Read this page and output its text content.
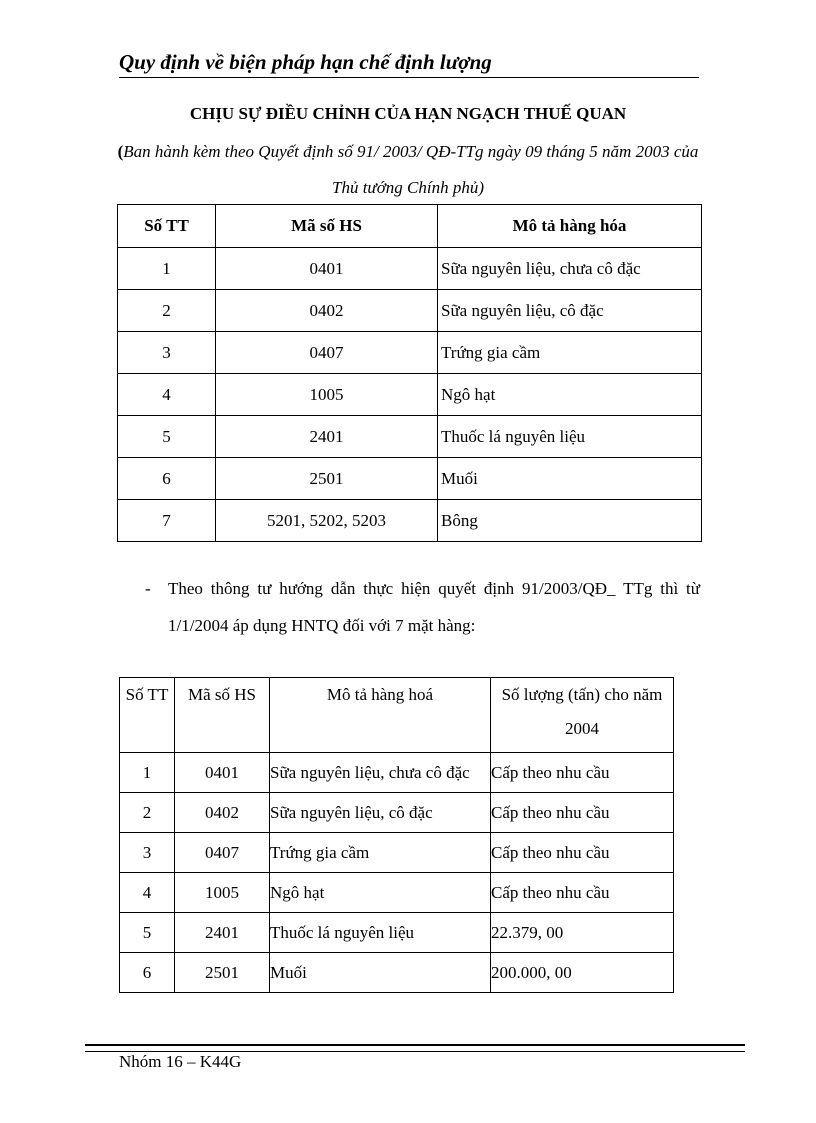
Quy định về biện pháp hạn chế định lượng
CHỊU SỰ ĐIỀU CHỈNH CỦA HẠN NGẠCH THUẾ QUAN
(Ban hành kèm theo Quyết định số 91/ 2003/ QĐ-TTg ngày 09 tháng 5 năm 2003 của Thủ tướng Chính phủ)
Số TT	Mã số HS	Mô tả hàng hóa
1	0401	Sữa nguyên liệu, chưa cô đặc
2	0402	Sữa nguyên liệu, cô đặc
3	0407	Trứng gia cầm
4	1005	Ngô hạt
5	2401	Thuốc lá nguyên liệu
6	2501	Muối
7	5201, 5202, 5203	Bông
-	Theo thông tư hướng dẫn thực hiện quyết định 91/2003/QĐ_ TTg thì từ 1/1/2004 áp dụng HNTQ đối với 7 mặt hàng:
Số TT	Mã số HS	Mô tả hàng hoá	Số lượng (tấn) cho năm 2004
1	0401	Sữa nguyên liệu, chưa cô đặc	Cấp theo nhu cầu
2	0402	Sữa nguyên liệu, cô đặc	Cấp theo nhu cầu
3	0407	Trứng gia cầm	Cấp theo nhu cầu
4	1005	Ngô hạt	Cấp theo nhu cầu
5	2401	Thuốc lá nguyên liệu	22.379, 00
6	2501	Muối	200.000, 00
Nhóm 16 – K44G
